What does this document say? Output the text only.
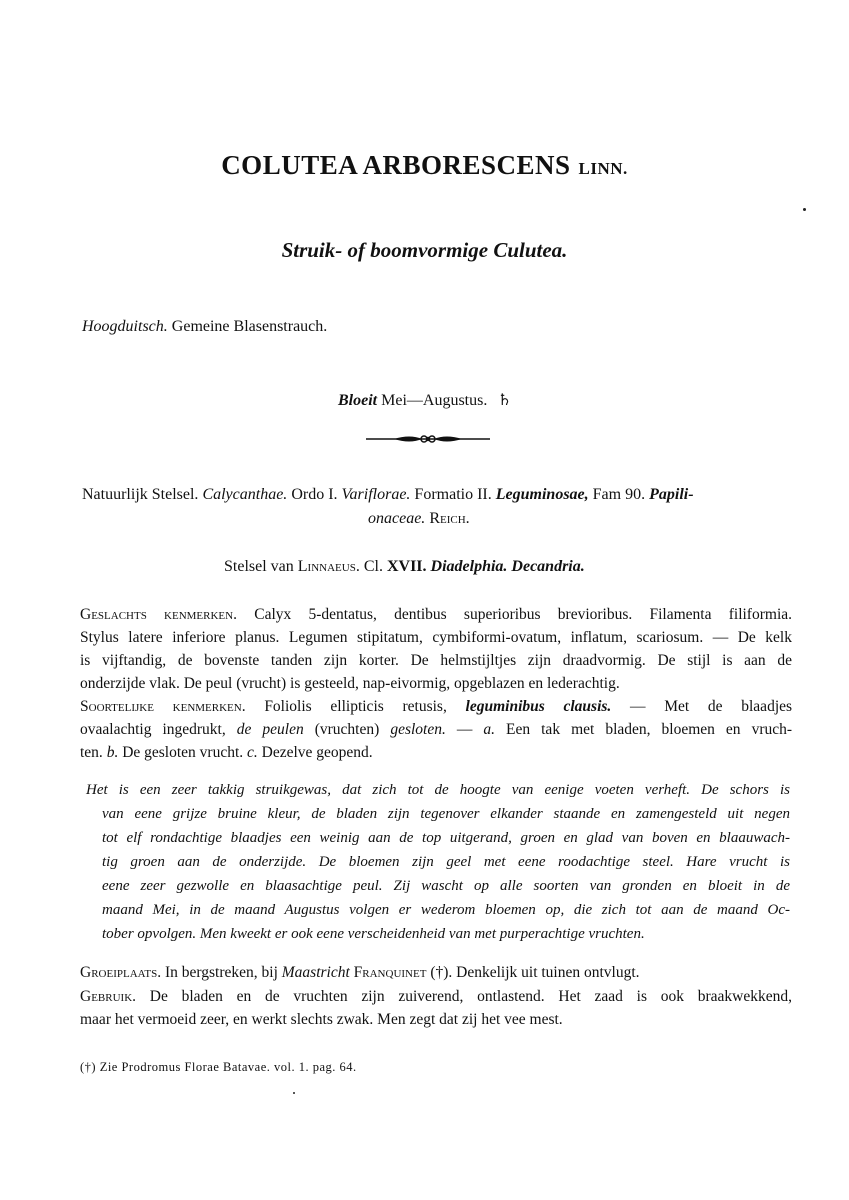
COLUTEA ARBORESCENS LINN.
Struik- of boomvormige Culutea.
Hoogduitsch. Gemeine Blasenstrauch.
Bloeit Mei—Augustus. ♄
Natuurlijk Stelsel. Calycanthae. Ordo I. Variflorae. Formatio II. Leguminosae, Fam 90. Papili-
onaceae. Reich.
Stelsel van Linnaeus. Cl. XVII. Diadelphia. Decandria.
Geslachts kenmerken. Calyx 5-dentatus, dentibus superioribus brevioribus. Filamenta filiformia.
Stylus latere inferiore planus. Legumen stipitatum, cymbiformi-ovatum, inflatum, scariosum. — De kelk
is vijftandig, de bovenste tanden zijn korter. De helmstijltjes zijn draadvormig. De stijl is aan de
onderzijde vlak. De peul (vrucht) is gesteeld, nap-eivormig, opgeblazen en lederachtig.
Soortelijke kenmerken. Foliolis ellipticis retusis, leguminibus clausis. — Met de blaadjes
ovaalachtig ingedrukt, de peulen (vruchten) gesloten. — a. Een tak met bladen, bloemen en vruch-
ten. b. De gesloten vrucht. c. Dezelve geopend.
Het is een zeer takkig struikgewas, dat zich tot de hoogte van eenige voeten verheft. De schors is
van eene grijze bruine kleur, de bladen zijn tegenover elkander staande en zamengesteld uit negen
tot elf rondachtige blaadjes een weinig aan de top uitgerand, groen en glad van boven en blaauwach-
tig groen aan de onderzijde. De bloemen zijn geel met eene roodachtige steel. Hare vrucht is
eene zeer gezwolle en blaasachtige peul. Zij wascht op alle soorten van gronden en bloeit in de
maand Mei, in de maand Augustus volgen er wederom bloemen op, die zich tot aan de maand Oc-
tober opvolgen. Men kweekt er ook eene verscheidenheid van met purperachtige vruchten.
Groeiplaats. In bergstreken, bij Maastricht Franquinet (†). Denkelijk uit tuinen ontvlugt.
Gebruik. De bladen en de vruchten zijn zuiverend, ontlastend. Het zaad is ook braakwekkend,
maar het vermoeid zeer, en werkt slechts zwak. Men zegt dat zij het vee mest.
(†) Zie Prodromus Florae Batavae. vol. 1. pag. 64.
